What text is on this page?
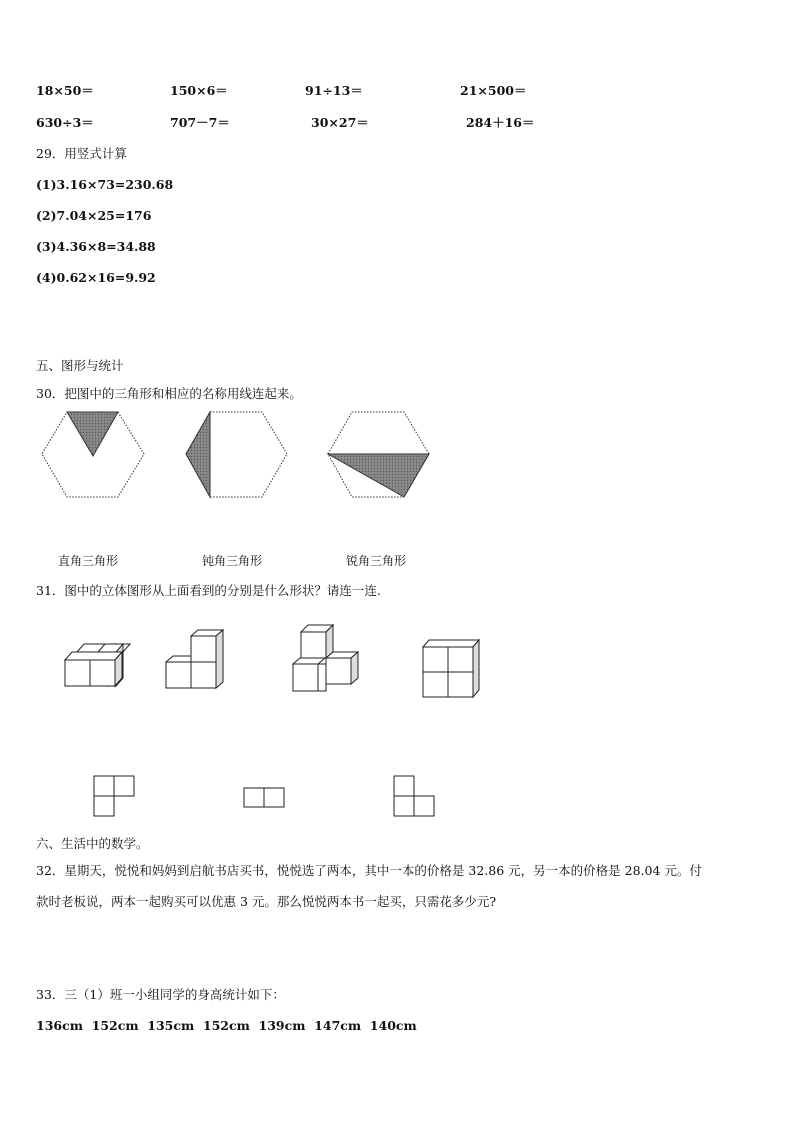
18×50＝	150×6＝	91÷13＝	21×500＝
630÷3＝	707－7＝	30×27＝	284＋16＝
29．用竖式计算
(1)3.16×73=230.68
(2)7.04×25=176
(3)4.36×8=34.88
(4)0.62×16=9.92
五、图形与统计
30．把图中的三角形和相应的名称用线连起来。
直角三角形	钝角三角形	锐角三角形
31．图中的立体图形从上面看到的分别是什么形状？请连一连.
六、生活中的数学。
32．星期天，悦悦和妈妈到启航书店买书，悦悦选了两本，其中一本的价格是 32.86 元，另一本的价格是 28.04 元。付
款时老板说，两本一起购买可以优惠 3 元。那么悦悦两本书一起买，只需花多少元?
33．三（1）班一小组同学的身高统计如下：
136cm  152cm  135cm  152cm  139cm  147cm  140cm
